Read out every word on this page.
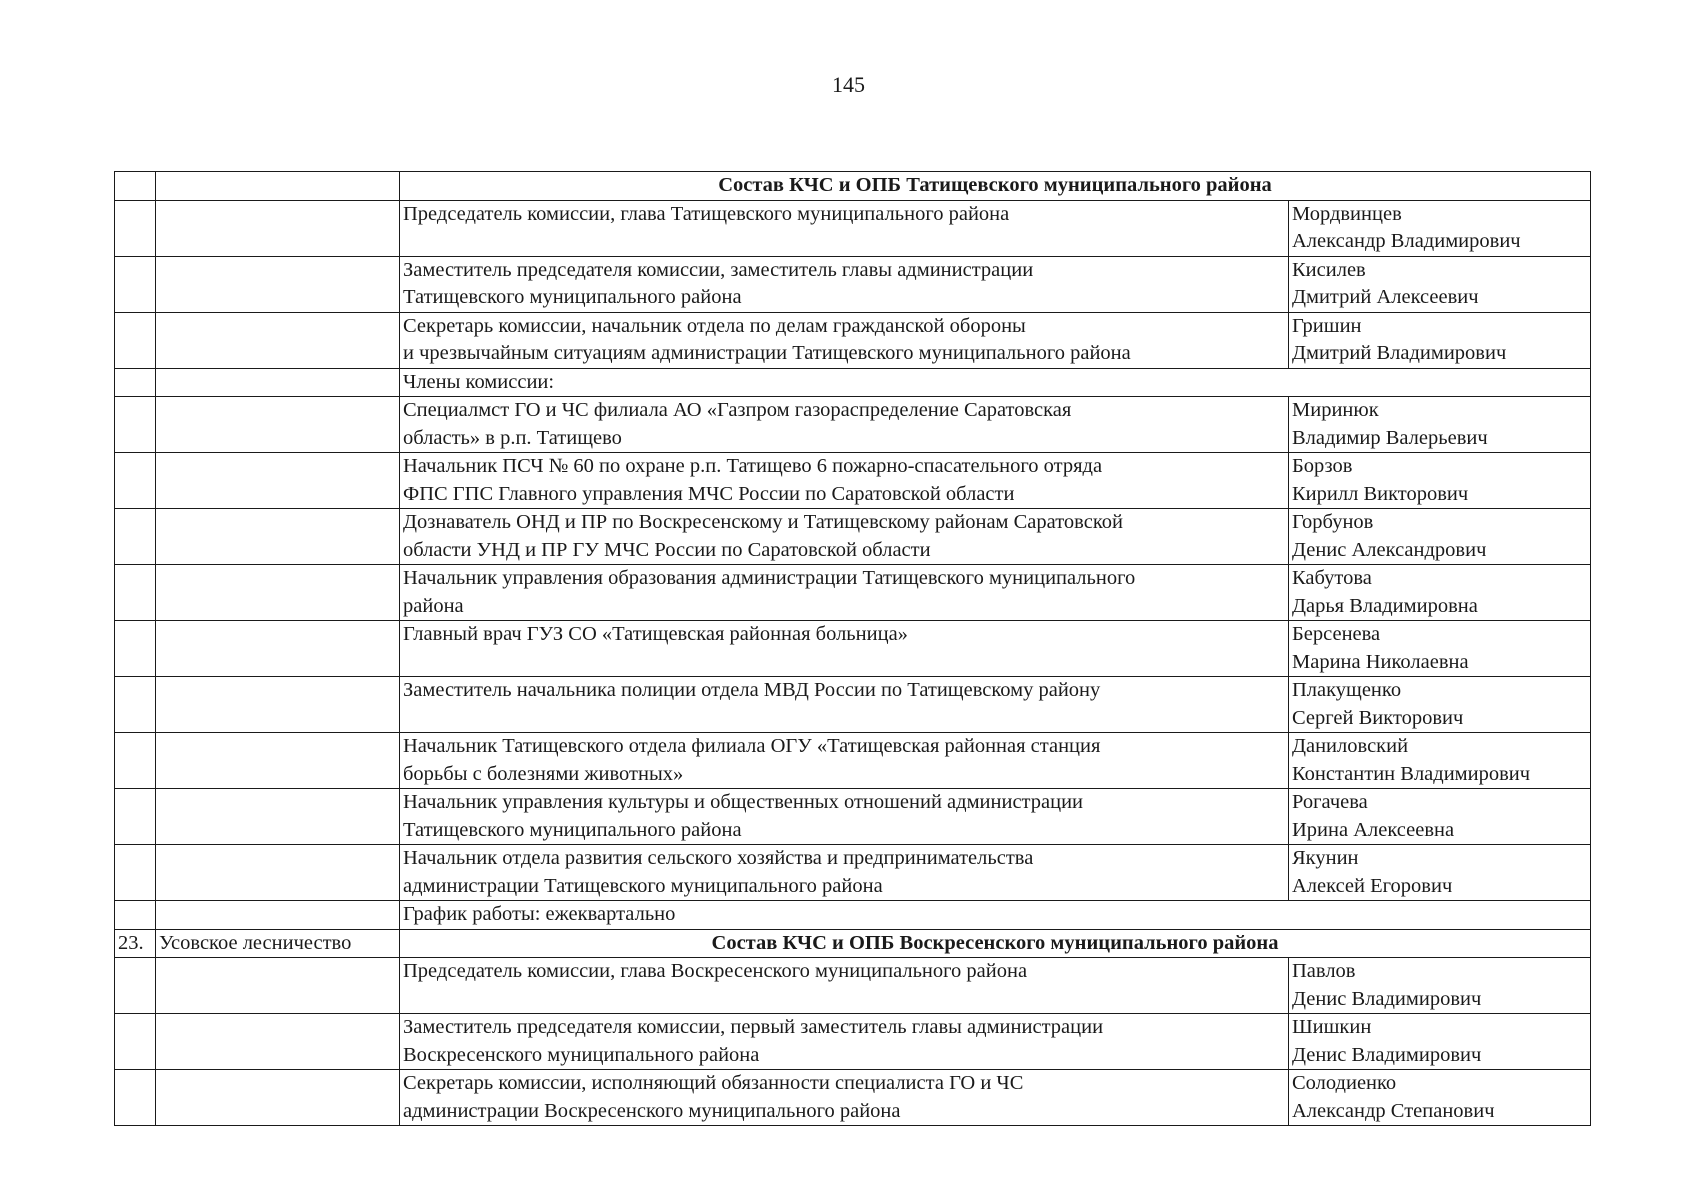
145
		Состав КЧС и ОПБ Татищевского муниципального района	

		Председатель комиссии, глава Татищевского муниципального района	Мордвинцев
Александр Владимирович

		Заместитель председателя комиссии, заместитель главы администрации
Татищевского муниципального района	Кисилев
Дмитрий Алексеевич

		Секретарь комиссии, начальник отдела по делам гражданской обороны
и чрезвычайным ситуациям администрации Татищевского муниципального района	Гришин
Дмитрий Владимирович

		Члены комиссии:	

		Специалмст ГО и ЧС филиала АО «Газпром газораспределение Саратовская
область» в р.п. Татищево	Миринюк
Владимир Валерьевич

		Начальник ПСЧ № 60 по охране р.п. Татищево 6 пожарно-спасательного отряда
ФПС ГПС Главного управления МЧС России по Саратовской области	Борзов
Кирилл Викторович

		Дознаватель ОНД и ПР по Воскресенскому и Татищевскому районам Саратовской
области УНД и ПР ГУ МЧС России по Саратовской области	Горбунов
Денис Александрович

		Начальник управления образования администрации Татищевского муниципального
района	Кабутова
Дарья Владимировна

		Главный врач ГУЗ СО «Татищевская районная больница»	Берсенева
Марина Николаевна

		Заместитель начальника полиции отдела МВД России по Татищевскому району	Плакущенко
Сергей Викторович

		Начальник Татищевского отдела филиала ОГУ «Татищевская районная станция
борьбы с болезнями животных»	Даниловский
Константин Владимирович

		Начальник управления культуры и общественных отношений администрации
Татищевского муниципального района	Рогачева
Ирина Алексеевна

		Начальник отдела развития сельского хозяйства и предпринимательства
администрации Татищевского муниципального района	Якунин
Алексей Егорович

		График работы: ежеквартально	
23.	Усовское лесничество	Состав КЧС и ОПБ Воскресенского муниципального района	

		Председатель комиссии, глава Воскресенского муниципального района	Павлов
Денис Владимирович

		Заместитель председателя комиссии, первый заместитель главы администрации
Воскресенского муниципального района	Шишкин
Денис Владимирович

		Секретарь комиссии, исполняющий обязанности специалиста ГО и ЧС
администрации Воскресенского муниципального района	Солодиенко
Александр Степанович
